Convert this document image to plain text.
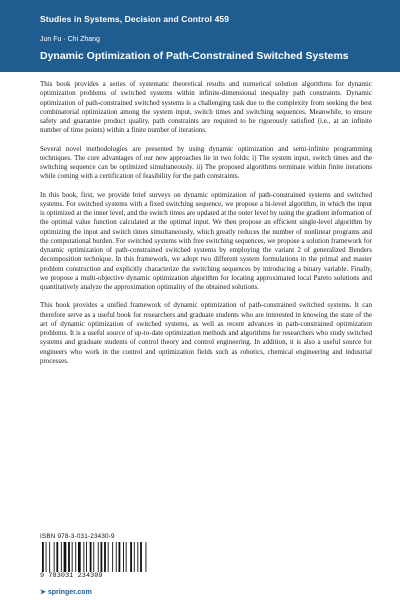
Studies in Systems, Decision and Control 459
Jun Fu · Chi Zhang
Dynamic Optimization of Path-Constrained Switched Systems

This book provides a series of systematic theoretical results and numerical solution algorithms for dynamic optimization problems of switched systems within infinite-dimensional inequality path constraints. Dynamic optimization of path-constrained switched systems is a challenging task due to the complexity from seeking the best combinatorial optimization among the system input, switch times and switching sequences. Meanwhile, to ensure safety and guarantee product quality, path constraints are required to be rigorously satisfied (i.e., at an infinite number of time points) within a finite number of iterations.

Several novel methodologies are presented by using dynamic optimization and semi-infinite programming techniques. The core advantages of our new approaches lie in two folds: i) The system input, switch times and the switching sequence can be optimized simultaneously. ii) The proposed algorithms terminate within finite iterations while coming with a certification of feasibility for the path constraints.

In this book, first, we provide brief surveys on dynamic optimization of path-constrained systems and switched systems. For switched systems with a fixed switching sequence, we propose a bi-level algorithm, in which the input is optimized at the inner level, and the switch times are updated at the outer level by using the gradient information of the optimal value function calculated at the optimal input. We then propose an efficient single-level algorithm by optimizing the input and switch times simultaneously, which greatly reduces the number of nonlinear programs and the computational burden. For switched systems with free switching sequences, we propose a solution framework for dynamic optimization of path-constrained switched systems by employing the variant 2 of generalized Benders decomposition technique. In this framework, we adopt two different system formulations in the primal and master problem construction and explicitly characterize the switching sequences by introducing a binary variable. Finally, we propose a multi-objective dynamic optimization algorithm for locating approximated local Pareto solutions and quantitatively analyze the approximation optimality of the obtained solutions.

This book provides a unified framework of dynamic optimization of path-constrained switched systems. It can therefore serve as a useful book for researchers and graduate students who are interested in knowing the state of the art of dynamic optimization of switched systems, as well as recent advances in path-constrained optimization problems. It is a useful source of up-to-date optimization methods and algorithms for researchers who study switched systems and graduate students of control theory and control engineering. In addition, it is also a useful source for engineers who work in the control and optimization fields such as robotics, chemical engineering and industrial processes.

ISBN 978-3-031-23430-9
9 783031 234309
➤ springer.com
